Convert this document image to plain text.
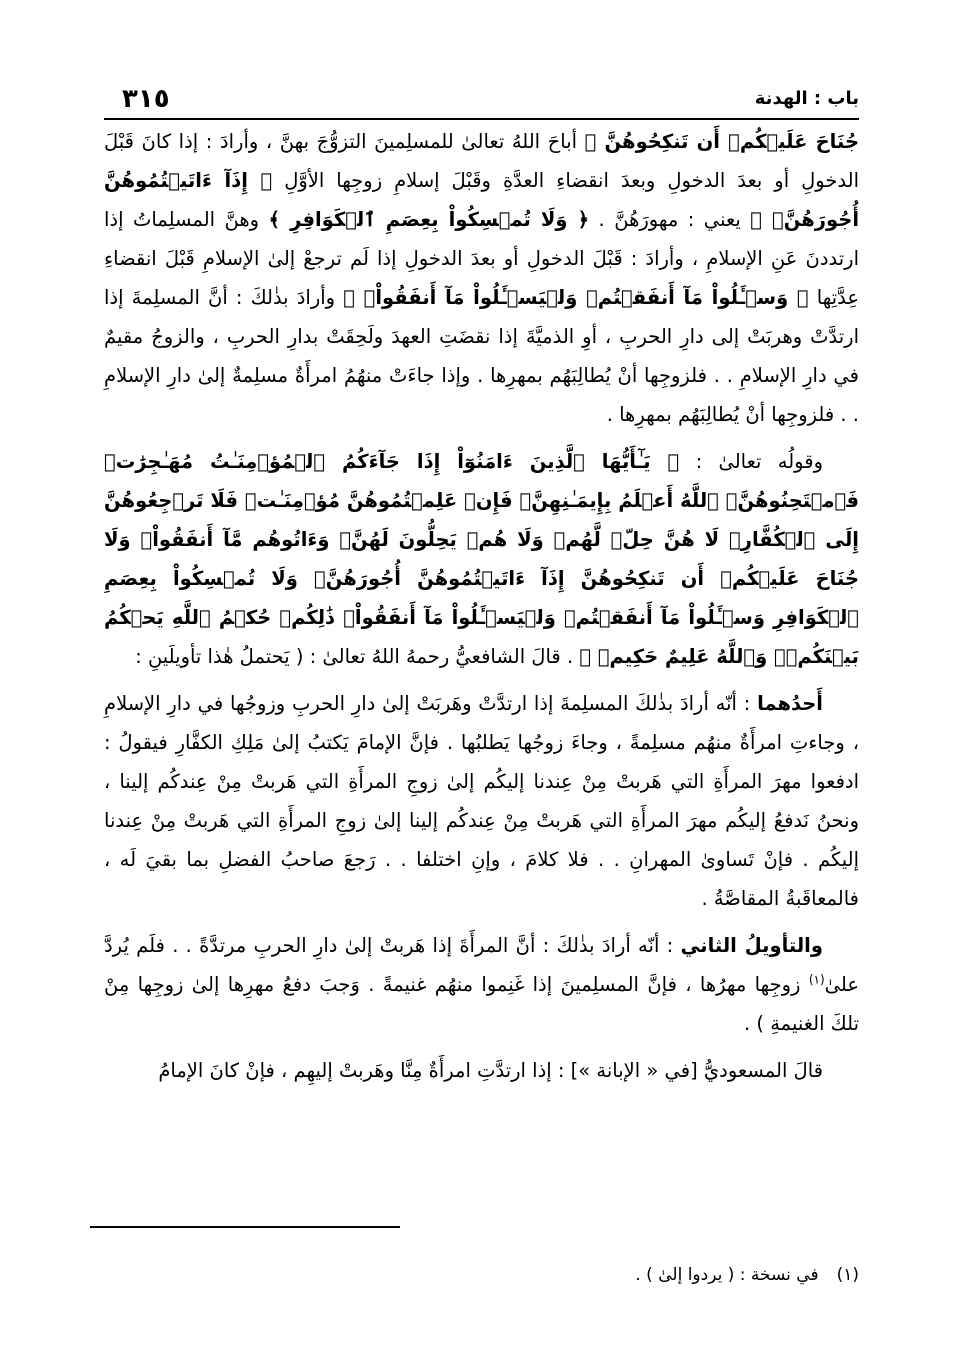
باب : الهدنة
٣١٥

جُنَاحَ عَلَيۡكُمۡ أَن تَنكِحُوهُنَّ ﴾ أباحَ اللهُ تعالىٰ للمسلِمينَ التزوُّجَ بهنَّ ، وأرادَ : إذا كانَ قَبْلَ الدخولِ أو بعدَ الدخولِ وبعدَ انقضاءِ العدَّةِ وقَبْلَ إسلامِ زوجِها الأوَّلِ ﴿ إِذَآ ءَاتَيۡتُمُوهُنَّ أُجُورَهُنَّۚ ﴾ يعني : مهورَهُنَّ . ﴿ وَلَا تُمۡسِكُواْ بِعِصَمِ ٱلۡكَوَافِرِ ﴾ وهنَّ المسلِماتُ إذا ارتددنَ عَنِ الإسلامِ ، وأرادَ : قَبْلَ الدخولِ أو بعدَ الدخولِ إذا لَم ترجعْ إلىٰ الإسلامِ قَبْلَ انقضاءِ عِدَّتِها ﴿ وَسۡـَٔلُواْ مَآ أَنفَقۡتُمۡ وَلۡيَسۡـَٔلُواْ مَآ أَنفَقُواْۚ ﴾ وأرادَ بذٰلكَ : أنَّ المسلِمةَ إذا ارتدَّتْ وهربَتْ إلى دارِ الحربِ ، أوِ الذميَّةَ إذا نقضَتِ العهدَ ولَحِقَتْ بدارِ الحربِ ، والزوجُ مقيمٌ في دارِ الإسلامِ . . فلزوجِها أنْ يُطالِبَهُم بمهرِها . وإذا جاءَتْ منهُمُ امرأَةٌ مسلِمةٌ إلىٰ دارِ الإسلامِ . . فلزوجِها أنْ يُطالِبَهُم بمهرِها .

وقولُه تعالىٰ : ﴿ يَـٰٓأَيُّهَا ٱلَّذِينَ ءَامَنُوٓاْ إِذَا جَآءَكُمُ ٱلۡمُؤۡمِنَـٰتُ مُهَـٰجِرَٰتٖ فَٱمۡتَحِنُوهُنَّۖ ٱللَّهُ أَعۡلَمُ بِإِيمَـٰنِهِنَّۖ فَإِنۡ عَلِمۡتُمُوهُنَّ مُؤۡمِنَـٰتٖ فَلَا تَرۡجِعُوهُنَّ إِلَى ٱلۡكُفَّارِۖ لَا هُنَّ حِلّٞ لَّهُمۡ وَلَا هُمۡ يَحِلُّونَ لَهُنَّۖ وَءَاتُوهُم مَّآ أَنفَقُواْۚ وَلَا جُنَاحَ عَلَيۡكُمۡ أَن تَنكِحُوهُنَّ إِذَآ ءَاتَيۡتُمُوهُنَّ أُجُورَهُنَّۚ وَلَا تُمۡسِكُواْ بِعِصَمِ ٱلۡكَوَافِرِ وَسۡـَٔلُواْ مَآ أَنفَقۡتُمۡ وَلۡيَسۡـَٔلُواْ مَآ أَنفَقُواْۚ ذَٰلِكُمۡ حُكۡمُ ٱللَّهِ يَحۡكُمُ بَيۡنَكُمۡۖ وَٱللَّهُ عَلِيمٌ حَكِيمٞ ﴾ . قالَ الشافعيُّ رحمهُ اللهُ تعالىٰ : ( يَحتملُ هٰذا تأويلَينِ :

أَحدُهما : أنّه أرادَ بذٰلكَ المسلِمةَ إذا ارتدَّتْ وهَربَتْ إلىٰ دارِ الحربِ وزوجُها في دارِ الإسلامِ ، وجاءتِ امرأَةٌ منهُم مسلِمةً ، وجاءَ زوجُها يَطلبُها . فإنَّ الإمامَ يَكتبُ إلىٰ مَلِكِ الكفَّارِ فيقولُ : ادفعوا مهرَ المرأَةِ التي هَربتْ مِنْ عِندنا إليكُم إلىٰ زوجِ المرأَةِ التي هَربتْ مِنْ عِندكُم إلينا ، ونحنُ نَدفعُ إليكُم مهرَ المرأَةِ التي هَربتْ مِنْ عِندكُم إلينا إلىٰ زوجِ المرأَةِ التي هَربتْ مِنْ عِندنا إليكُم . فإنْ تَساوىٰ المهرانِ . . فلا كلامَ ، وإنِ اختلفا . . رَجعَ صاحبُ الفضلِ بما بقيَ لَه ، فالمعاقَبةُ المقاصَّةُ .

والتأويلُ الثاني : أنّه أرادَ بذٰلكَ : أنَّ المرأَةَ إذا هَربتْ إلىٰ دارِ الحربِ مرتدَّةً . . فلَم يُردَّ علىٰ$^{(١)}$ زوجِها مهرُها ، فإنَّ المسلِمينَ إذا غَنِموا منهُم غنيمةً . وَجبَ دفعُ مهرِها إلىٰ زوجِها مِنْ تلكَ الغنيمةِ ) .

قالَ المسعوديُّ [في « الإبانة »] : إذا ارتدَّتِ امرأَةٌ مِنَّا وهَربتْ إليهِم ، فإنْ كانَ الإمامُ

(١)في نسخة : ( يردوا إلىٰ ) .
